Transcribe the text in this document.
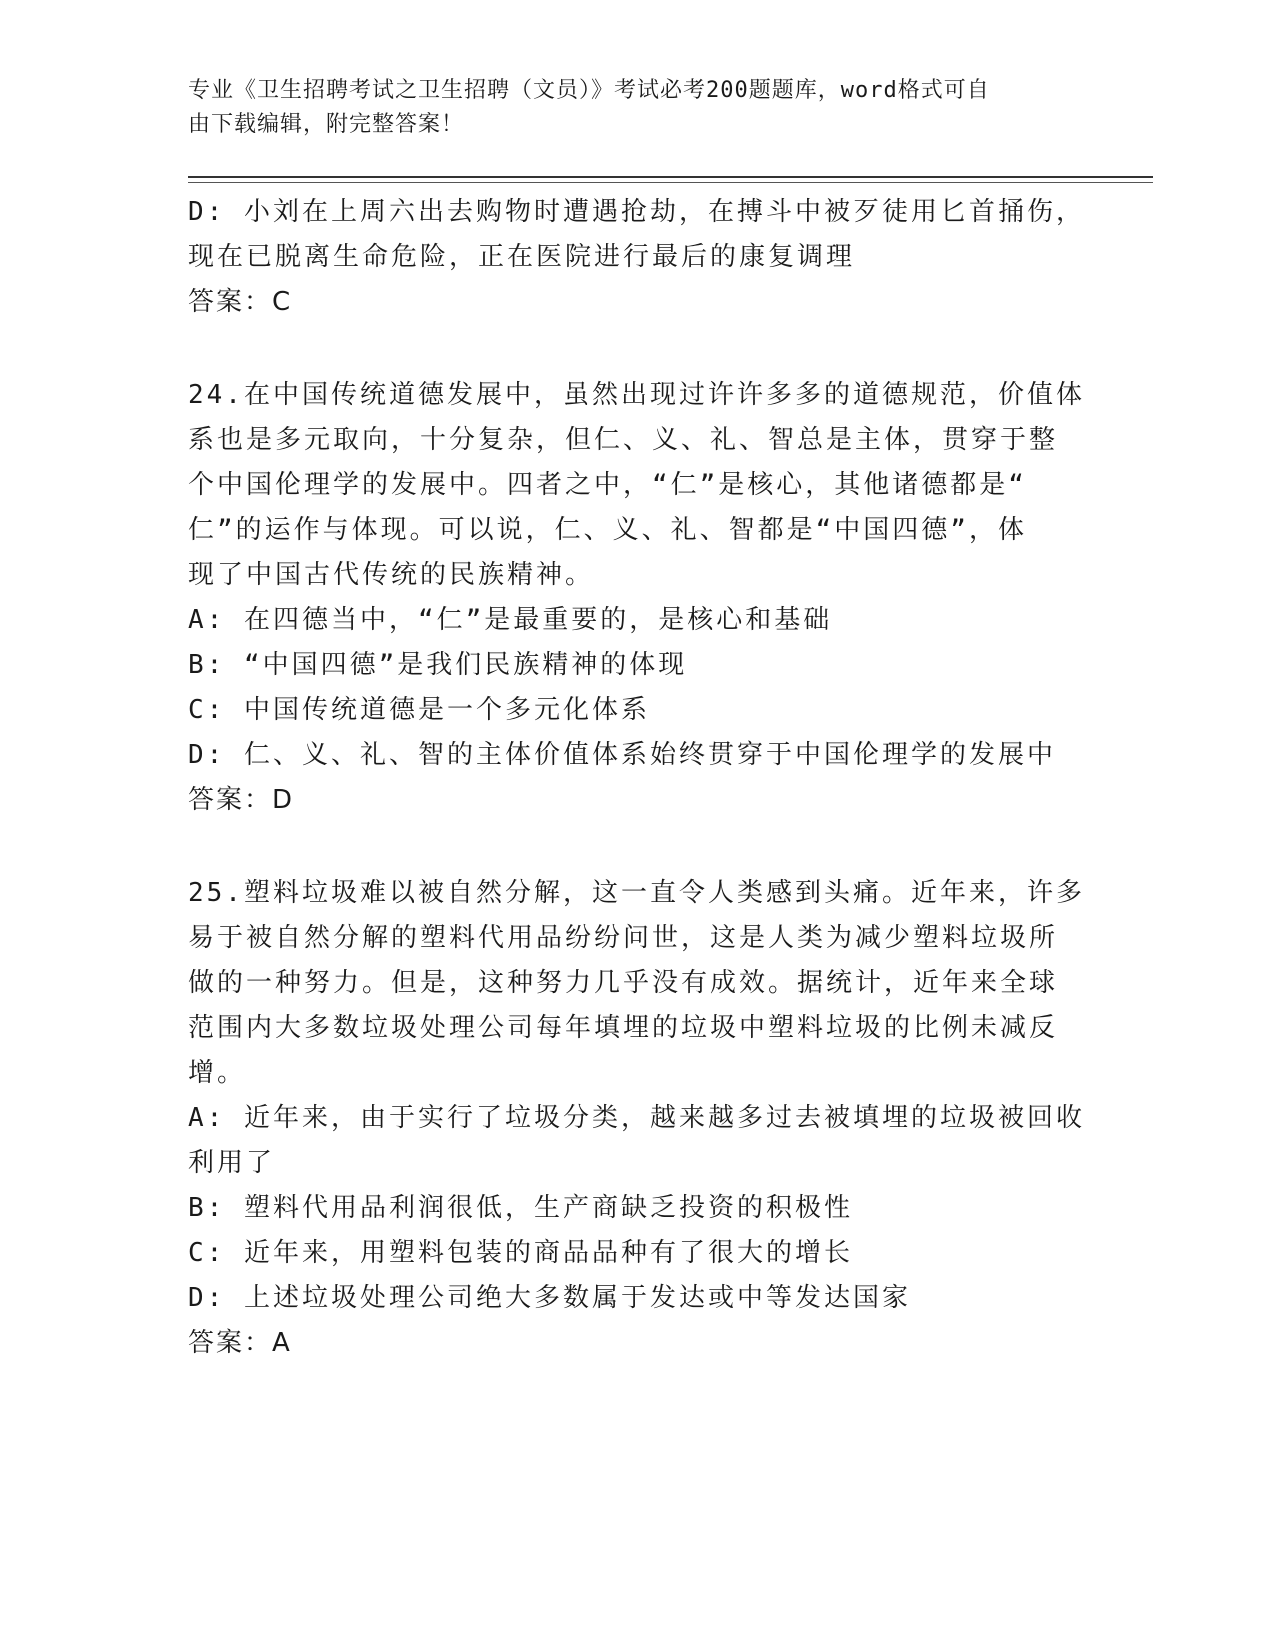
专业《卫生招聘考试之卫生招聘（文员）》考试必考200题题库，word格式可自
由下载编辑，附完整答案！
D: 小刘在上周六出去购物时遭遇抢劫，在搏斗中被歹徒用匕首捅伤，
现在已脱离生命危险，正在医院进行最后的康复调理
答案：C
24.在中国传统道德发展中，虽然出现过许许多多的道德规范，价值体
系也是多元取向，十分复杂，但仁、义、礼、智总是主体，贯穿于整
个中国伦理学的发展中。四者之中，“仁”是核心，其他诸德都是“
仁”的运作与体现。可以说，仁、义、礼、智都是“中国四德”，体
现了中国古代传统的民族精神。
A: 在四德当中，“仁”是最重要的，是核心和基础
B: “中国四德”是我们民族精神的体现
C: 中国传统道德是一个多元化体系
D: 仁、义、礼、智的主体价值体系始终贯穿于中国伦理学的发展中
答案：D
25.塑料垃圾难以被自然分解，这一直令人类感到头痛。近年来，许多
易于被自然分解的塑料代用品纷纷问世，这是人类为减少塑料垃圾所
做的一种努力。但是，这种努力几乎没有成效。据统计，近年来全球
范围内大多数垃圾处理公司每年填埋的垃圾中塑料垃圾的比例未减反
增。
A: 近年来，由于实行了垃圾分类，越来越多过去被填埋的垃圾被回收
利用了
B: 塑料代用品利润很低，生产商缺乏投资的积极性
C: 近年来，用塑料包装的商品品种有了很大的增长
D: 上述垃圾处理公司绝大多数属于发达或中等发达国家
答案：A
